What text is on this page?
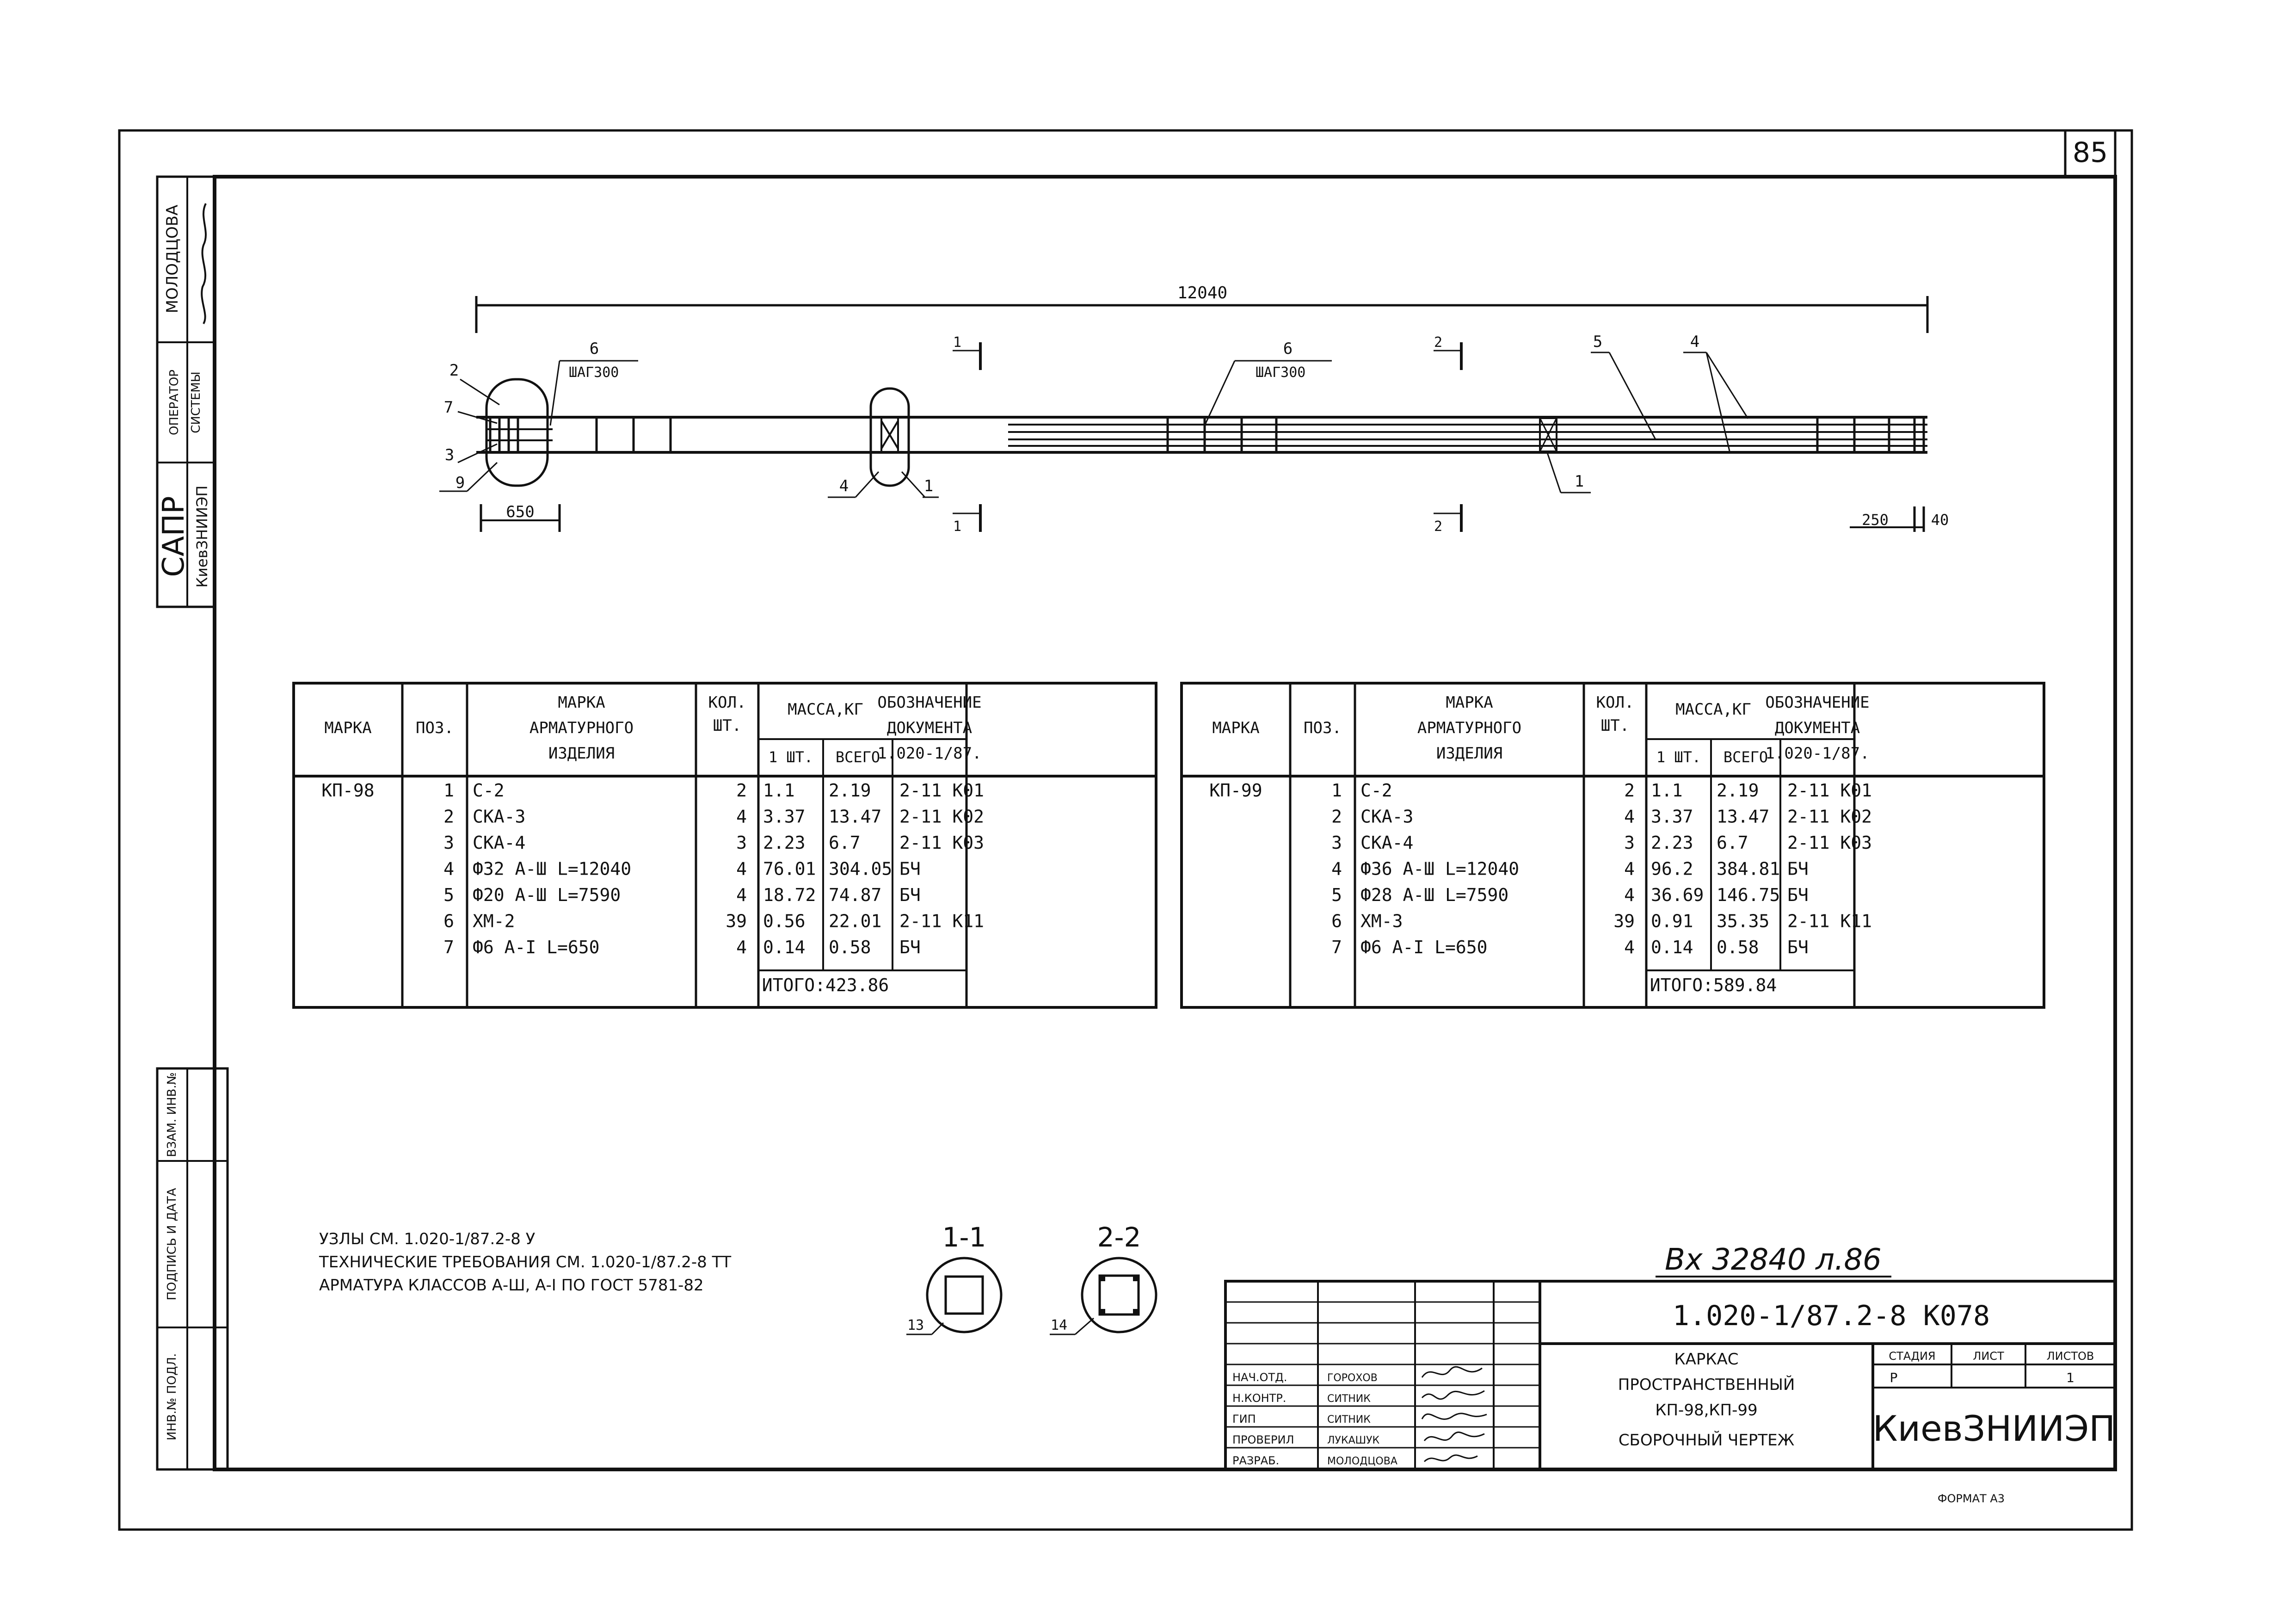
85
ФОРМАТ А3
МОЛОДЦОВА
ОПЕРАТОР СИСТЕМЫ
САПР КиевЗНИИЭП
ИНВ.№ ПОДЛ.
ПОДПИСЬ И ДАТА
ВЗАМ. ИНВ.№
12040
650	250	40
2
7
3
9
6
ШАГ300
4	1
6
ШАГ300
5	4
1
1
1
2
2
МАРКА	ПОЗ.
МАРКА
АРМАТУРНОГО
ИЗДЕЛИЯ
КОЛ.
ШТ.
МАССА,КГ
1 ШТ. ВСЕГО
ОБОЗНАЧЕНИЕ
ДОКУМЕНТА
1.020-1/87.
КП-98	1 С-2	2 1.1 2.19 2-11 К01
2 СКА-3	4 3.37 13.47 2-11 К02
3 СКА-4	3 2.23 6.7 2-11 К03
4 Ф32 А-Ш L=12040	4 76.01 304.05 БЧ
5 Ф20 А-Ш L=7590	4 18.72 74.87 БЧ
6 ХМ-2	39 0.56 22.01 2-11 К11
7 Ф6 А-I L=650	4 0.14 0.58 БЧ
ИТОГО:423.86
МАРКА	ПОЗ.
МАРКА
АРМАТУРНОГО
ИЗДЕЛИЯ
КОЛ.
ШТ.
МАССА,КГ
1 ШТ. ВСЕГО
ОБОЗНАЧЕНИЕ
ДОКУМЕНТА
1.020-1/87.
КП-99	1 С-2	2 1.1 2.19 2-11 К01
2 СКА-3	4 3.37 13.47 2-11 К02
3 СКА-4	3 2.23 6.7 2-11 К03
4 Ф36 А-Ш L=12040	4 96.2 384.81 БЧ
5 Ф28 А-Ш L=7590	4 36.69 146.75 БЧ
6 ХМ-3	39 0.91 35.35 2-11 К11
7 Ф6 А-I L=650	4 0.14 0.58 БЧ
ИТОГО:589.84
УЗЛЫ СМ. 1.020-1/87.2-8 У
ТЕХНИЧЕСКИЕ ТРЕБОВАНИЯ СМ. 1.020-1/87.2-8 ТТ
АРМАТУРА КЛАССОВ А-Ш, А-I ПО ГОСТ 5781-82
1-1
13
2-2
14
Вх 32840 л.86
НАЧ.ОТД.	ГОРОХОВ
Н.КОНТР.	СИТНИК
ГИП	СИТНИК
ПРОВЕРИЛ	ЛУКАШУК
РАЗРАБ.	МОЛОДЦОВА
1.020-1/87.2-8 К078
КАРКАС
ПРОСТРАНСТВЕННЫЙ
КП-98,КП-99
СБОРОЧНЫЙ ЧЕРТЕЖ
СТАДИЯ	ЛИСТ	ЛИСТОВ
Р	1
КиевЗНИИЭП
